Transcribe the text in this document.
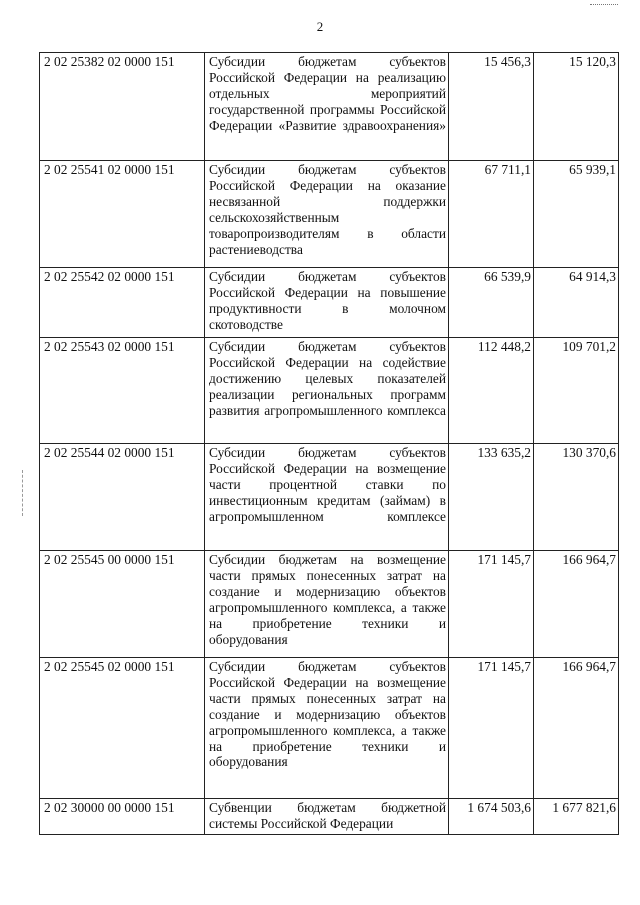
2
2 02 25382 02 0000 151	Субсидии бюджетам субъектов Российской Федерации на реализацию отдельных мероприятий государственной программы Российской Федерации «Развитие здравоохранения»	15 456,3	15 120,3
2 02 25541 02 0000 151	Субсидии бюджетам субъектов Российской Федерации на оказание несвязанной поддержки сельскохозяйственным товаропроизводителям в области растениеводства	67 711,1	65 939,1
2 02 25542 02 0000 151	Субсидии бюджетам субъектов Российской Федерации на повышение продуктивности в молочном скотоводстве	66 539,9	64 914,3
2 02 25543 02 0000 151	Субсидии бюджетам субъектов Российской Федерации на содействие достижению целевых показателей реализации региональных программ развития агропромышленного комплекса	112 448,2	109 701,2
2 02 25544 02 0000 151	Субсидии бюджетам субъектов Российской Федерации на возмещение части процентной ставки по инвестиционным кредитам (займам) в агропромышленном комплексе	133 635,2	130 370,6
2 02 25545 00 0000 151	Субсидии бюджетам на возмещение части прямых понесенных затрат на создание и модернизацию объектов агропромышленного комплекса, а также на приобретение техники и оборудования	171 145,7	166 964,7
2 02 25545 02 0000 151	Субсидии бюджетам субъектов Российской Федерации на возмещение части прямых понесенных затрат на создание и модернизацию объектов агропромышленного комплекса, а также на приобретение техники и оборудования	171 145,7	166 964,7
2 02 30000 00 0000 151	Субвенции бюджетам бюджетной системы Российской Федерации	1 674 503,6	1 677 821,6
